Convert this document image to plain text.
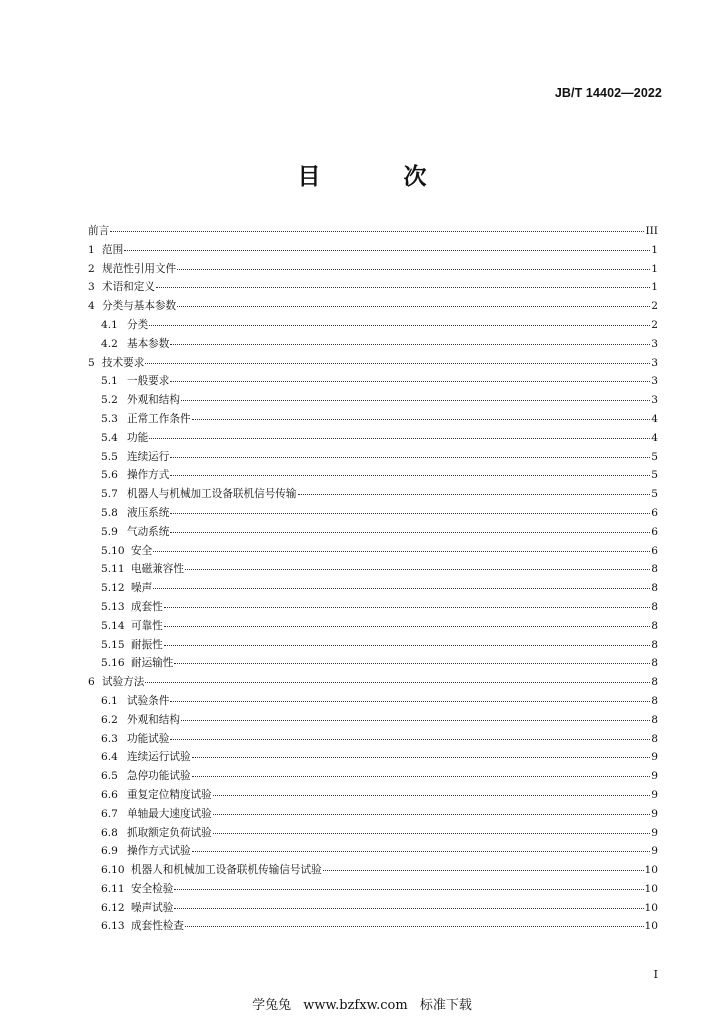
JB/T 14402—2022
目　次
前言	III
1 范围	1
2 规范性引用文件	1
3 术语和定义	1
4 分类与基本参数	2
4.1 分类	2
4.2 基本参数	3
5 技术要求	3
5.1 一般要求	3
5.2 外观和结构	3
5.3 正常工作条件	4
5.4 功能	4
5.5 连续运行	5
5.6 操作方式	5
5.7 机器人与机械加工设备联机信号传输	5
5.8 液压系统	6
5.9 气动系统	6
5.10 安全	6
5.11 电磁兼容性	8
5.12 噪声	8
5.13 成套性	8
5.14 可靠性	8
5.15 耐振性	8
5.16 耐运输性	8
6 试验方法	8
6.1 试验条件	8
6.2 外观和结构	8
6.3 功能试验	8
6.4 连续运行试验	9
6.5 急停功能试验	9
6.6 重复定位精度试验	9
6.7 单轴最大速度试验	9
6.8 抓取额定负荷试验	9
6.9 操作方式试验	9
6.10 机器人和机械加工设备联机传输信号试验	10
6.11 安全检验	10
6.12 噪声试验	10
6.13 成套性检查	10
I
学兔兔 www.bzfxw.com 标准下载
